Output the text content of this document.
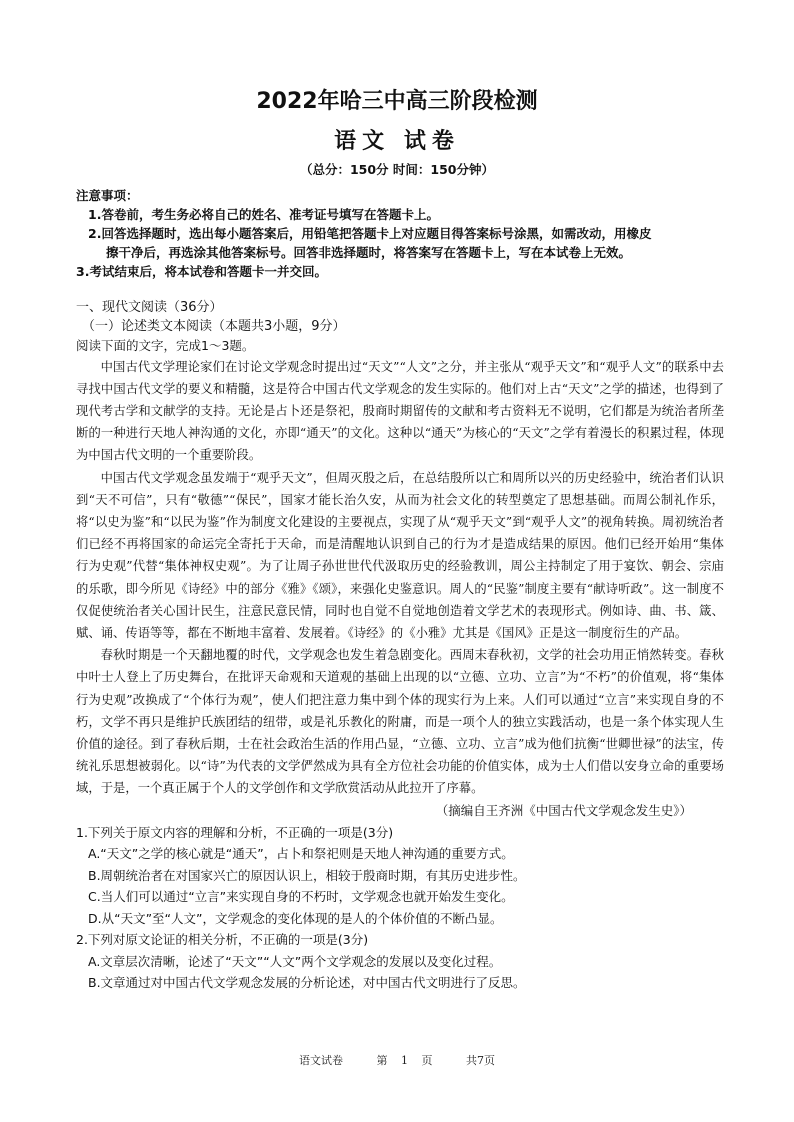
2022年哈三中高三阶段检测
语文 试卷
（总分：150分 时间：150分钟）
注意事项：
1.答卷前，考生务必将自己的姓名、准考证号填写在答题卡上。
2.回答选择题时，选出每小题答案后，用铅笔把答题卡上对应题目得答案标号涂黑，如需改动，用橡皮
擦干净后，再选涂其他答案标号。回答非选择题时，将答案写在答题卡上，写在本试卷上无效。
3.考试结束后，将本试卷和答题卡一并交回。
一、现代文阅读（36分）
（一）论述类文本阅读（本题共3小题，9分）
阅读下面的文字，完成1～3题。

中国古代文学理论家们在讨论文学观念时提出过“天文”“人文”之分，并主张从“观乎天文”和“观乎人文”的联系中去寻找中国古代文学的要义和精髓，这是符合中国古代文学观念的发生实际的。他们对上古“天文”之学的描述，也得到了现代考古学和文献学的支持。无论是占卜还是祭祀，殷商时期留传的文献和考古资料无不说明，它们都是为统治者所垄断的一种进行天地人神沟通的文化，亦即“通天”的文化。这种以“通天”为核心的“天文”之学有着漫长的积累过程，体现为中国古代文明的一个重要阶段。

中国古代文学观念虽发端于“观乎天文”，但周灭殷之后，在总结殷所以亡和周所以兴的历史经验中，统治者们认识到“天不可信”，只有“敬德”“保民”，国家才能长治久安，从而为社会文化的转型奠定了思想基础。而周公制礼作乐，将“以史为鉴”和“以民为鉴”作为制度文化建设的主要视点，实现了从“观乎天文”到“观乎人文”的视角转换。周初统治者们已经不再将国家的命运完全寄托于天命，而是清醒地认识到自己的行为才是造成结果的原因。他们已经开始用“集体行为史观”代替“集体神权史观”。为了让周子孙世世代代汲取历史的经验教训，周公主持制定了用于宴饮、朝会、宗庙的乐歌，即今所见《诗经》中的部分《雅》《颂》，来强化史鉴意识。周人的“民鉴”制度主要有“献诗听政”。这一制度不仅促使统治者关心国计民生，注意民意民情，同时也自觉不自觉地创造着文学艺术的表现形式。例如诗、曲、书、箴、赋、诵、传语等等，都在不断地丰富着、发展着。《诗经》的《小雅》尤其是《国风》正是这一制度衍生的产品。

春秋时期是一个天翻地覆的时代，文学观念也发生着急剧变化。西周末春秋初，文学的社会功用正悄然转变。春秋中叶士人登上了历史舞台，在批评天命观和天道观的基础上出现的以“立德、立功、立言”为“不朽”的价值观，将“集体行为史观”改换成了“个体行为观”，使人们把注意力集中到个体的现实行为上来。人们可以通过“立言”来实现自身的不朽，文学不再只是维护氏族团结的纽带，或是礼乐教化的附庸，而是一项个人的独立实践活动，也是一条个体实现人生价值的途径。到了春秋后期，士在社会政治生活的作用凸显，“立德、立功、立言”成为他们抗衡“世卿世禄”的法宝，传统礼乐思想被弱化。以“诗”为代表的文学俨然成为具有全方位社会功能的价值实体，成为士人们借以安身立命的重要场域，于是，一个真正属于个人的文学创作和文学欣赏活动从此拉开了序幕。

（摘编自王齐洲《中国古代文学观念发生史》）
1.下列关于原文内容的理解和分析，不正确的一项是(3分)
A.“天文”之学的核心就是“通天”，占卜和祭祀则是天地人神沟通的重要方式。
B.周朝统治者在对国家兴亡的原因认识上，相较于殷商时期，有其历史进步性。
C.当人们可以通过“立言”来实现自身的不朽时，文学观念也就开始发生变化。
D.从“天文”至“人文”，文学观念的变化体现的是人的个体价值的不断凸显。
2.下列对原文论证的相关分析，不正确的一项是(3分)
A.文章层次清晰，论述了“天文”“人文”两个文学观念的发展以及变化过程。
B.文章通过对中国古代文学观念发展的分析论述，对中国古代文明进行了反思。
语文试卷	第 1 页	共7页
